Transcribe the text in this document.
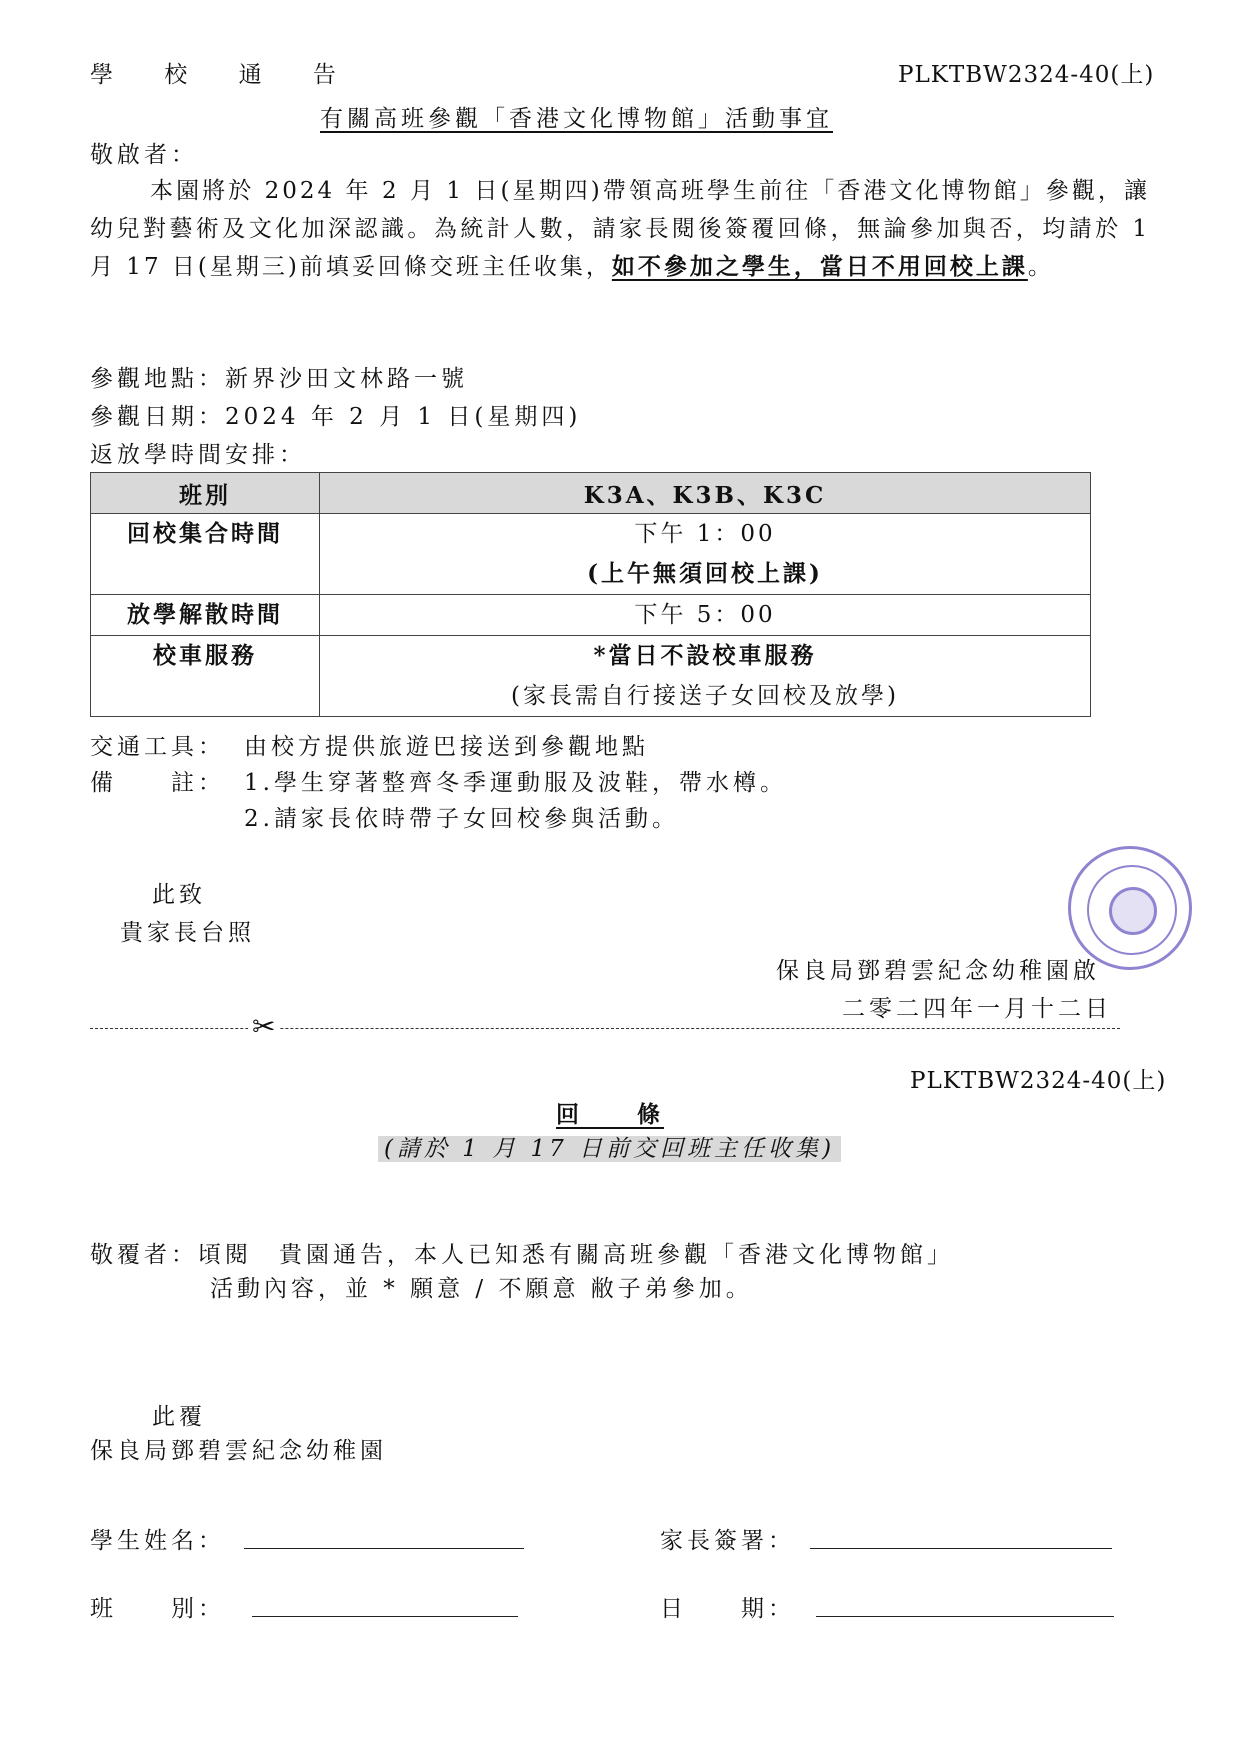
學 校 通 告	PLKTBW2324-40(上)
有關高班參觀「香港文化博物館」活動事宜
敬啟者：
本園將於 2024 年 2 月 1 日(星期四)帶領高班學生前往「香港文化博物館」參觀，讓幼兒對藝術及文化加深認識。為統計人數，請家長閱後簽覆回條，無論參加與否，均請於 1 月 17 日(星期三)前填妥回條交班主任收集，如不參加之學生，當日不用回校上課。
參觀地點：新界沙田文林路一號
參觀日期：2024 年 2 月 1 日(星期四)
返放學時間安排：
班別	K3A、K3B、K3C

回校集合時間	下午 1：00
(上午無須回校上課)

放學解散時間	下午 5：00

校車服務	*當日不設校車服務
(家長需自行接送子女回校及放學)
交通工具： 由校方提供旅遊巴接送到參觀地點
備　　註： 1.學生穿著整齊冬季運動服及波鞋，帶水樽。
2.請家長依時帶子女回校參與活動。
此致
貴家長台照
保良局鄧碧雲紀念幼稚園啟
二零二四年一月十二日
✂
PLKTBW2324-40(上)
回　　條
(請於 1 月 17 日前交回班主任收集)
敬覆者：頃閱　貴園通告，本人已知悉有關高班參觀「香港文化博物館」
活動內容，並 * 願意 / 不願意 敝子弟參加。
此覆
保良局鄧碧雲紀念幼稚園
學生姓名：	家長簽署：
班　　別：	日　　期：
